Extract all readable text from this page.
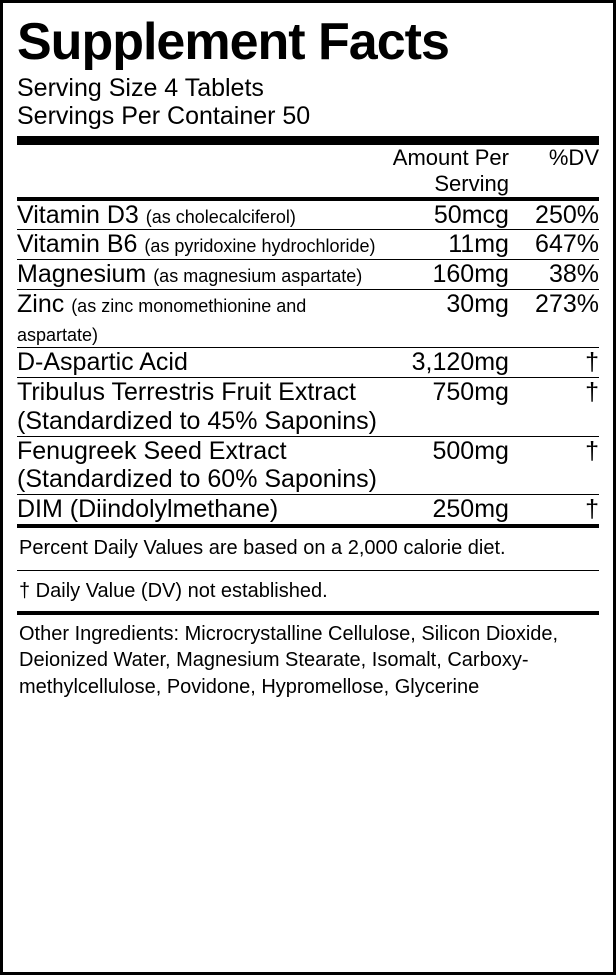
Supplement Facts
Serving Size 4 Tablets
Servings Per Container 50
	Amount Per Serving	%DV
Vitamin D3 (as cholecalciferol)	50mcg	250%
Vitamin B6 (as pyridoxine hydrochloride)	11mg	647%
Magnesium (as magnesium aspartate)	160mg	38%
Zinc (as zinc monomethionine and aspartate)	30mg	273%
D-Aspartic Acid	3,120mg	†
Tribulus Terrestris Fruit Extract
(Standardized to 45% Saponins)
	750mg	†
Fenugreek Seed Extract
(Standardized to 60% Saponins)
	500mg	†
DIM (Diindolylmethane)	250mg	†
Percent Daily Values are based on a 2,000 calorie diet.
† Daily Value (DV) not established.
Other Ingredients: Microcrystalline Cellulose, Silicon Dioxide, Deionized Water, Magnesium Stearate, Isomalt, Carboxy-methylcellulose, Povidone, Hypromellose, Glycerine
